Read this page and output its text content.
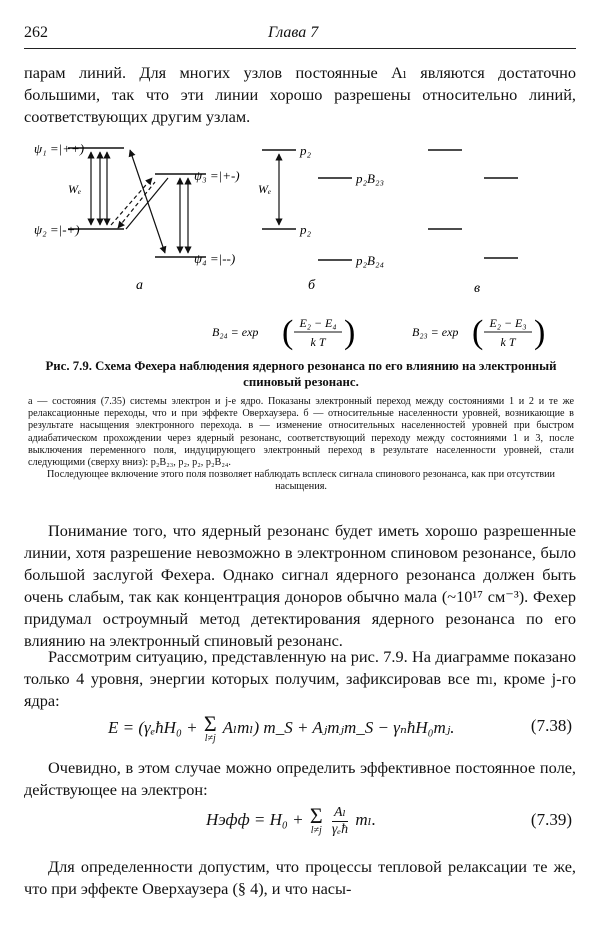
262	Глава 7

парам линий. Для многих узлов постоянные Aₗ являются достаточно большими, так что эти линии хорошо разрешены относительно линий, соответствующих другим узлам.

ψ₁ =|++)
ψ₂ =|-+)
ψ₃ =|+-)
ψ₄ =|--)
Wₑ
а
p₂
p₂
p₂B₂₃
p₂B₂₄
Wₑ
б	в
B₂₄ = exp ( E₂ − E₄
k T )	B₂₃ = exp ( E₂ − E₃
k T )
Рис. 7.9. Схема Фехера наблюдения ядерного резонанса по его влиянию на электронный спиновый резонанс.
а — состояния (7.35) системы электрон и j-е ядро. Показаны электронный переход между состояниями 1 и 2 и те же релаксационные переходы, что и при эффекте Оверхаузера. б — относительные населенности уровней, возникающие в результате насыщения электронного перехода. в — изменение относительных населенностей уровней при быстром адиабатическом прохождении через ядерный резонанс, соответствующий переходу между состояниями 1 и 3, после выключения переменного поля, индуцирующего электронный переход в результате населенности уровней, стали следующими (сверху вниз): p₂B₂₃, p₂, p₂, p₂B₂₄.
Последующее включение этого поля позволяет наблюдать всплеск сигнала спинового резонанса, как при отсутствии насыщения.

Понимание того, что ядерный резонанс будет иметь хорошо разрешенные линии, хотя разрешение невозможно в электронном спиновом резонансе, было большой заслугой Фехера. Однако сигнал ядерного резонанса должен быть очень слабым, так как концентрация доноров обычно мала (~10¹⁷ см⁻³). Фехер придумал остроумный метод детектирования ядерного резонанса по его влиянию на электронный спиновый резонанс.

Рассмотрим ситуацию, представленную на рис. 7.9. На диаграмме показано только 4 уровня, энергии которых получим, зафиксировав все mₗ, кроме j-го ядра:

E = (γₑħH₀ + Σ
l≠j
Aₗmₗ) m_S + Aⱼmⱼm_S − γₙħH₀mⱼ.	(7.38)

Очевидно, в этом случае можно определить эффективное постоянное поле, действующее на электрон:

Hэфф = H₀ + Σ
l≠j
$\frac{\text{Aₗ}}{\text{γₑħ}} m_l$.	(7.39)

Для определенности допустим, что процессы тепловой релаксации те же, что при эффекте Оверхаузера (§ 4), и что насы-
